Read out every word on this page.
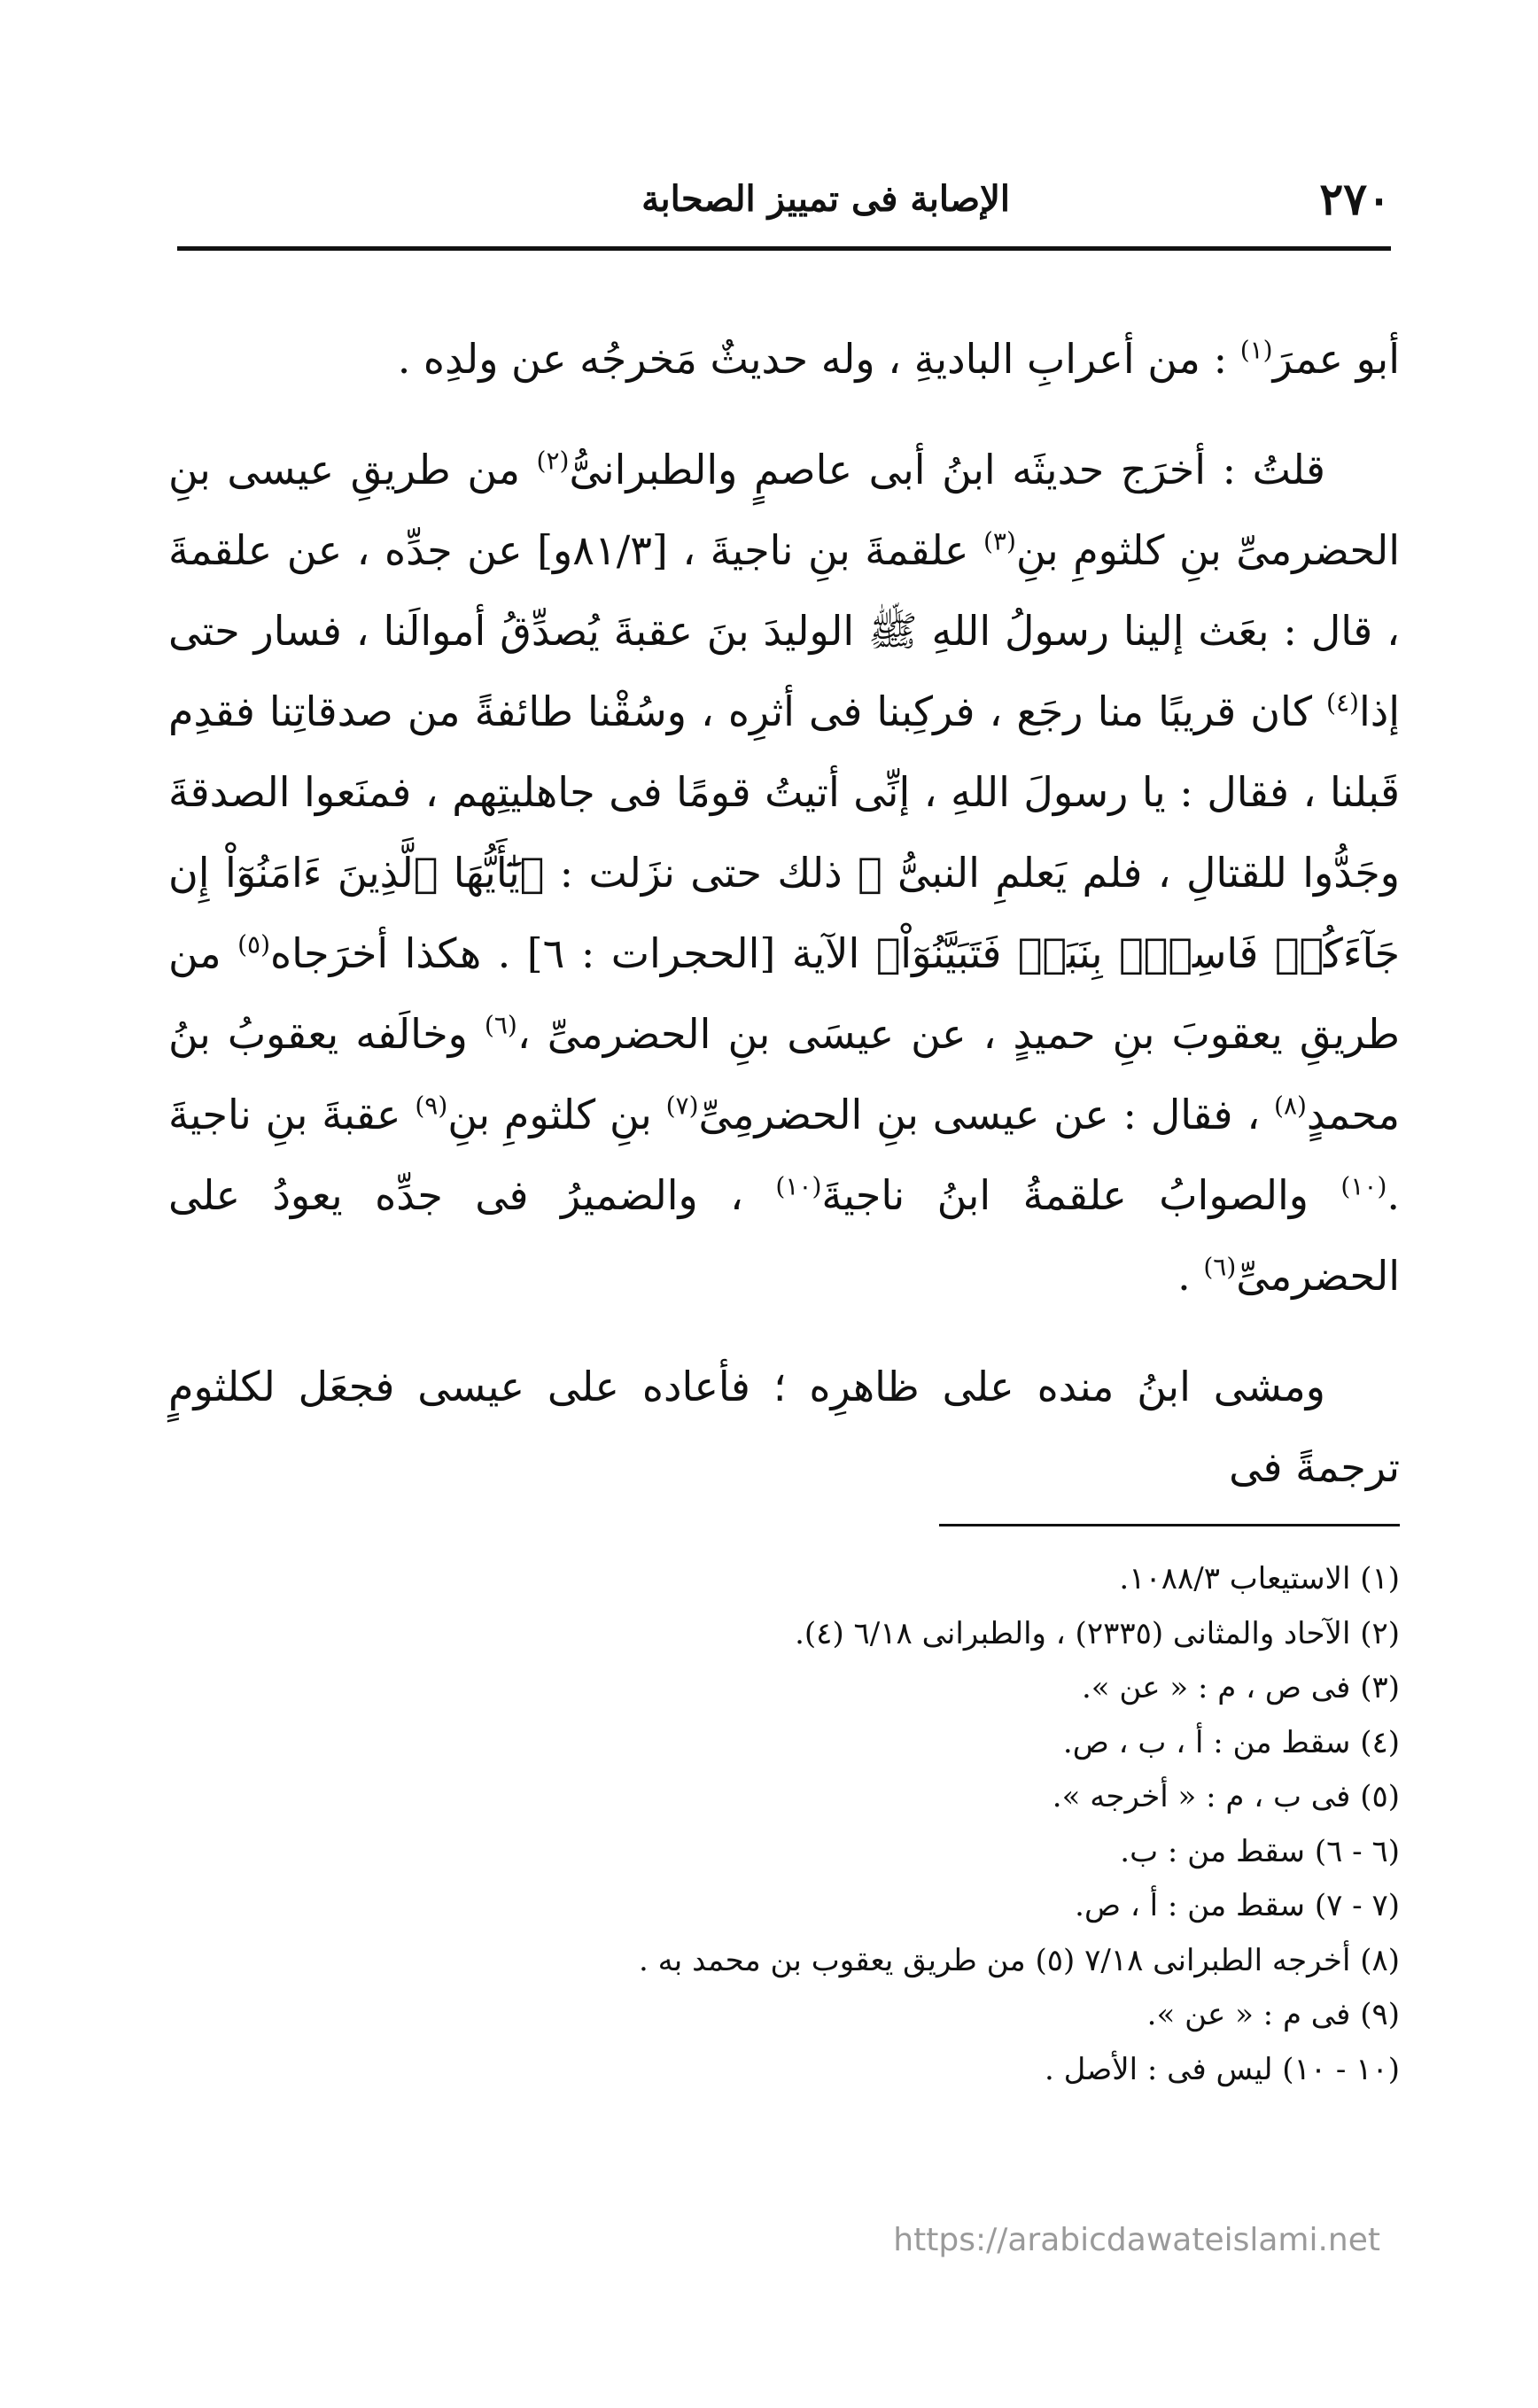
٢٧٠
الإصابة فى تمييز الصحابة

أبو عمرَ$^{(١)}$ : من أعرابِ الباديةِ ، وله حديثٌ مَخرجُه عن ولدِه .

قلتُ : أخرَج حديثَه ابنُ أبى عاصمٍ والطبرانىُّ$^{(٢)}$ من طريقِ عيسى بنِ الحضرمىِّ بنِ كلثومِ بنِ$^{(٣)}$ علقمةَ بنِ ناجيةَ ، [٨١/٣و] عن جدِّه ، عن علقمةَ ، قال : بعَث إلينا رسولُ اللهِ ﷺ الوليدَ بنَ عقبةَ يُصدِّقُ أموالَنا ، فسار حتى إذا$^{(٤)}$ كان قريبًا منا رجَع ، فركِبنا فى أثرِه ، وسُقْنا طائفةً من صدقاتِنا فقدِم قَبلنا ، فقال : يا رسولَ اللهِ ، إنِّى أتيتُ قومًا فى جاهليتِهم ، فمنَعوا الصدقةَ وجَدُّوا للقتالِ ، فلم يَعلمِ النبىُّ ﷺ ذلك حتى نزَلت : ﴿يَٰٓأَيُّهَا ٱلَّذِينَ ءَامَنُوٓاْ إِن جَآءَكُمۡ فَاسِقُۢ بِنَبَإٖ فَتَبَيَّنُوٓاْ﴾ الآية [الحجرات : ٦] . هكذا أخرَجاه$^{(٥)}$ من طريقِ يعقوبَ بنِ حميدٍ ، عن عيسَى بنِ الحضرمىِّ ،$^{(٦)}$ وخالَفه يعقوبُ بنُ محمدٍ$^{(٨)}$ ، فقال : عن عيسى بنِ الحضرمِىِّ$^{(٧)}$ بنِ كلثومِ بنِ$^{(٩)}$ عقبةَ بنِ ناجيةَ .$^{(١٠)}$ والصوابُ علقمةُ ابنُ ناجيةَ$^{(١٠)}$ ، والضميرُ فى جدِّه يعودُ على الحضرمىِّ$^{(٦)}$ .

ومشى ابنُ منده على ظاهرِه ؛ فأعاده على عيسى فجعَل لكلثومٍ ترجمةً فى

(١) الاستيعاب ١٠٨٨/٣.
(٢) الآحاد والمثانى (٢٣٣٥) ، والطبرانى ٦/١٨ (٤).
(٣) فى ص ، م : « عن ».
(٤) سقط من : أ ، ب ، ص.
(٥) فى ب ، م : « أخرجه ».
(٦ - ٦) سقط من : ب.
(٧ - ٧) سقط من : أ ، ص.
(٨) أخرجه الطبرانى ٧/١٨ (٥) من طريق يعقوب بن محمد به .
(٩) فى م : « عن ».
(١٠ - ١٠) ليس فى : الأصل .
https://arabicdawateislami.net
